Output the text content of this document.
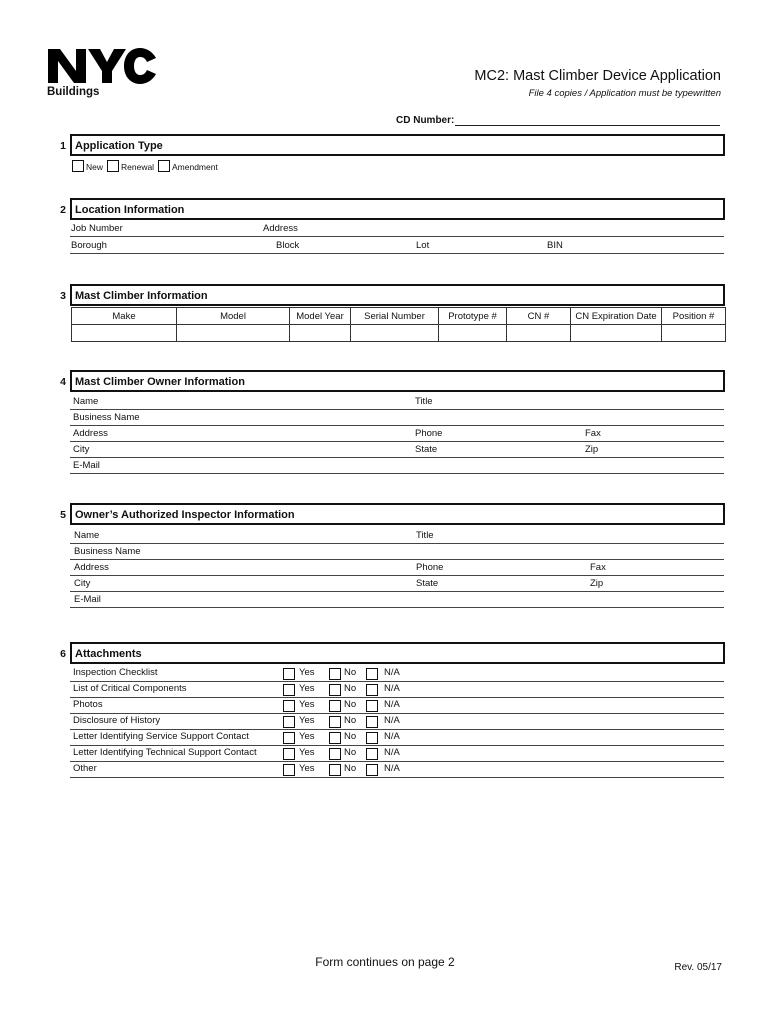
Buildings
MC2: Mast Climber Device Application
File 4 copies / Application must be typewritten
CD Number:
1 Application Type
New Renewal Amendment
2 Location Information
Job Number	Address
Borough	Block	Lot	BIN
3 Mast Climber Information
Make	Model	Model Year	Serial Number	Prototype #	CN #	CN Expiration Date	Position #

4 Mast Climber Owner Information
Name	Title
Business Name
Address	Phone	Fax
City	State	Zip
E-Mail
5 Owner’s Authorized Inspector Information
Name	Title
Business Name
Address	Phone	Fax
City	State	Zip
E-Mail
6 Attachments
Inspection Checklist	Yes	No	N/A
List of Critical Components	Yes	No	N/A
Photos	Yes	No	N/A
Disclosure of History	Yes	No	N/A
Letter Identifying Service Support Contact	Yes	No	N/A
Letter Identifying Technical Support Contact	Yes	No	N/A
Other	Yes	No	N/A
Form continues on page 2	Rev. 05/17
